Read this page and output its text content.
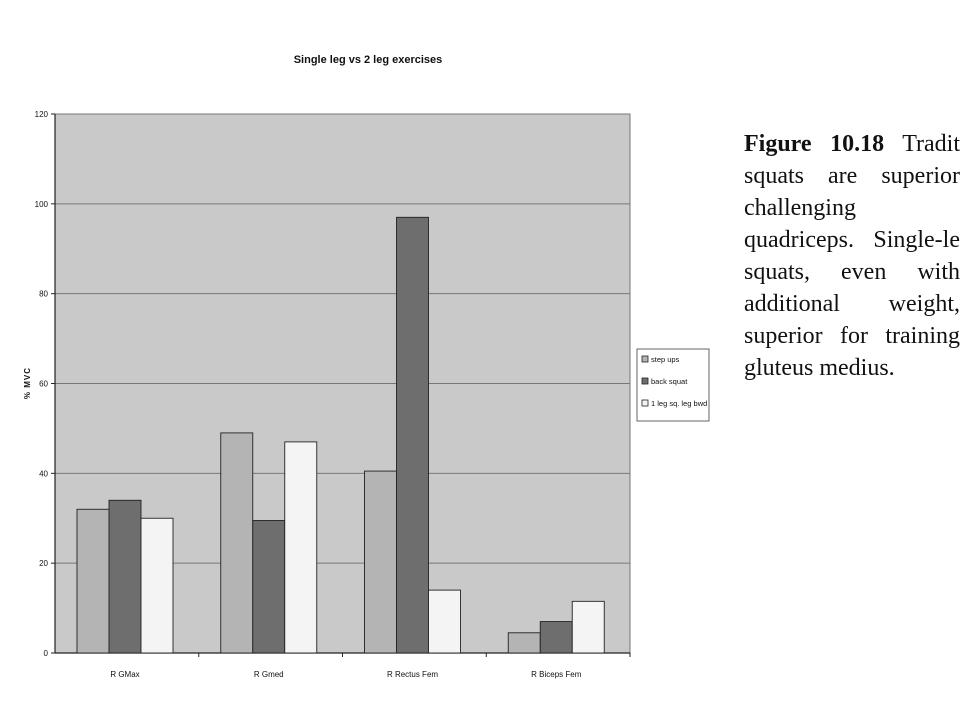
Single leg vs 2 leg exercises
0
20
40
60
80
100
120
R GMax	R Gmed	R Rectus Fem	R Biceps Fem
% MVC
step ups
back squat
1 leg sq. leg bwd
Figure 10.18 Tradit
squats are superior
challenging
quadriceps. Single-le
squats, even with
additional weight,
superior for training
gluteus medius.
